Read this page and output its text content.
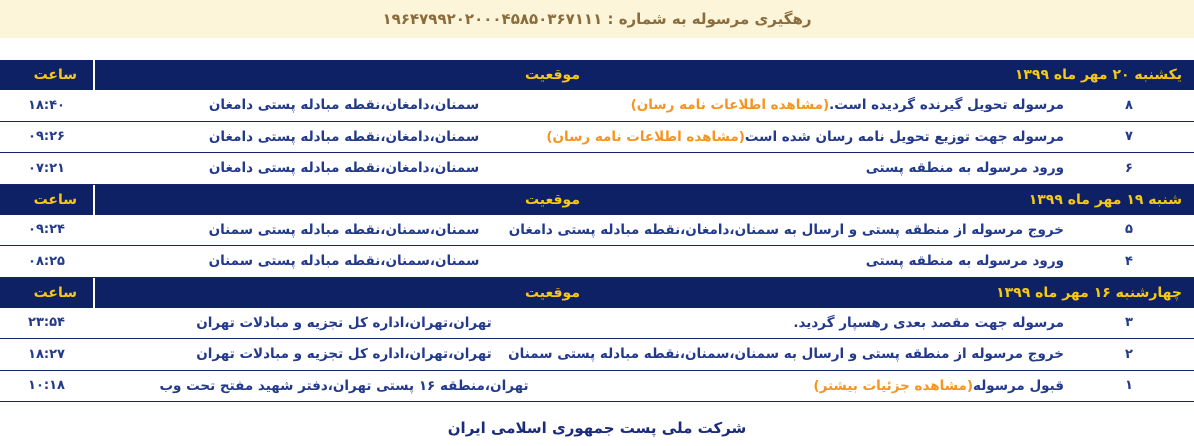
رهگیری مرسوله به شماره : ۱۹۶۴۷۹۹۲۰۲۰۰۰۴۵۸۵۰۳۶۷۱۱۱
یکشنبه ۲۰ مهر ماه ۱۳۹۹
موقعیت
ساعت
۸
مرسوله تحویل گیرنده گردیده است.(مشاهده اطلاعات نامه رسان)
سمنان،دامغان،نقطه مبادله پستی دامغان
۱۸:۴۰
۷
مرسوله جهت توزیع تحویل نامه رسان شده است(مشاهده اطلاعات نامه رسان)
سمنان،دامغان،نقطه مبادله پستی دامغان
۰۹:۲۶
۶
ورود مرسوله به منطقه پستی
سمنان،دامغان،نقطه مبادله پستی دامغان
۰۷:۲۱
شنبه ۱۹ مهر ماه ۱۳۹۹
موقعیت
ساعت
۵
خروج مرسوله از منطقه پستی و ارسال به سمنان،دامغان،نقطه مبادله پستی دامغان
سمنان،سمنان،نقطه مبادله پستی سمنان
۰۹:۲۴
۴
ورود مرسوله به منطقه پستی
سمنان،سمنان،نقطه مبادله پستی سمنان
۰۸:۲۵
چهارشنبه ۱۶ مهر ماه ۱۳۹۹
موقعیت
ساعت
۳
مرسوله جهت مقصد بعدی رهسپار گردید.
تهران،تهران،اداره کل تجزیه و مبادلات تهران
۲۳:۵۴
۲
خروج مرسوله از منطقه پستی و ارسال به سمنان،سمنان،نقطه مبادله پستی سمنان
تهران،تهران،اداره کل تجزیه و مبادلات تهران
۱۸:۲۷
۱
قبول مرسوله(مشاهده جزئیات بیشتر)
تهران،منطقه ۱۶ پستی تهران،دفتر شهید مفتح تحت وب
۱۰:۱۸
شرکت ملی پست جمهوری اسلامی ایران
